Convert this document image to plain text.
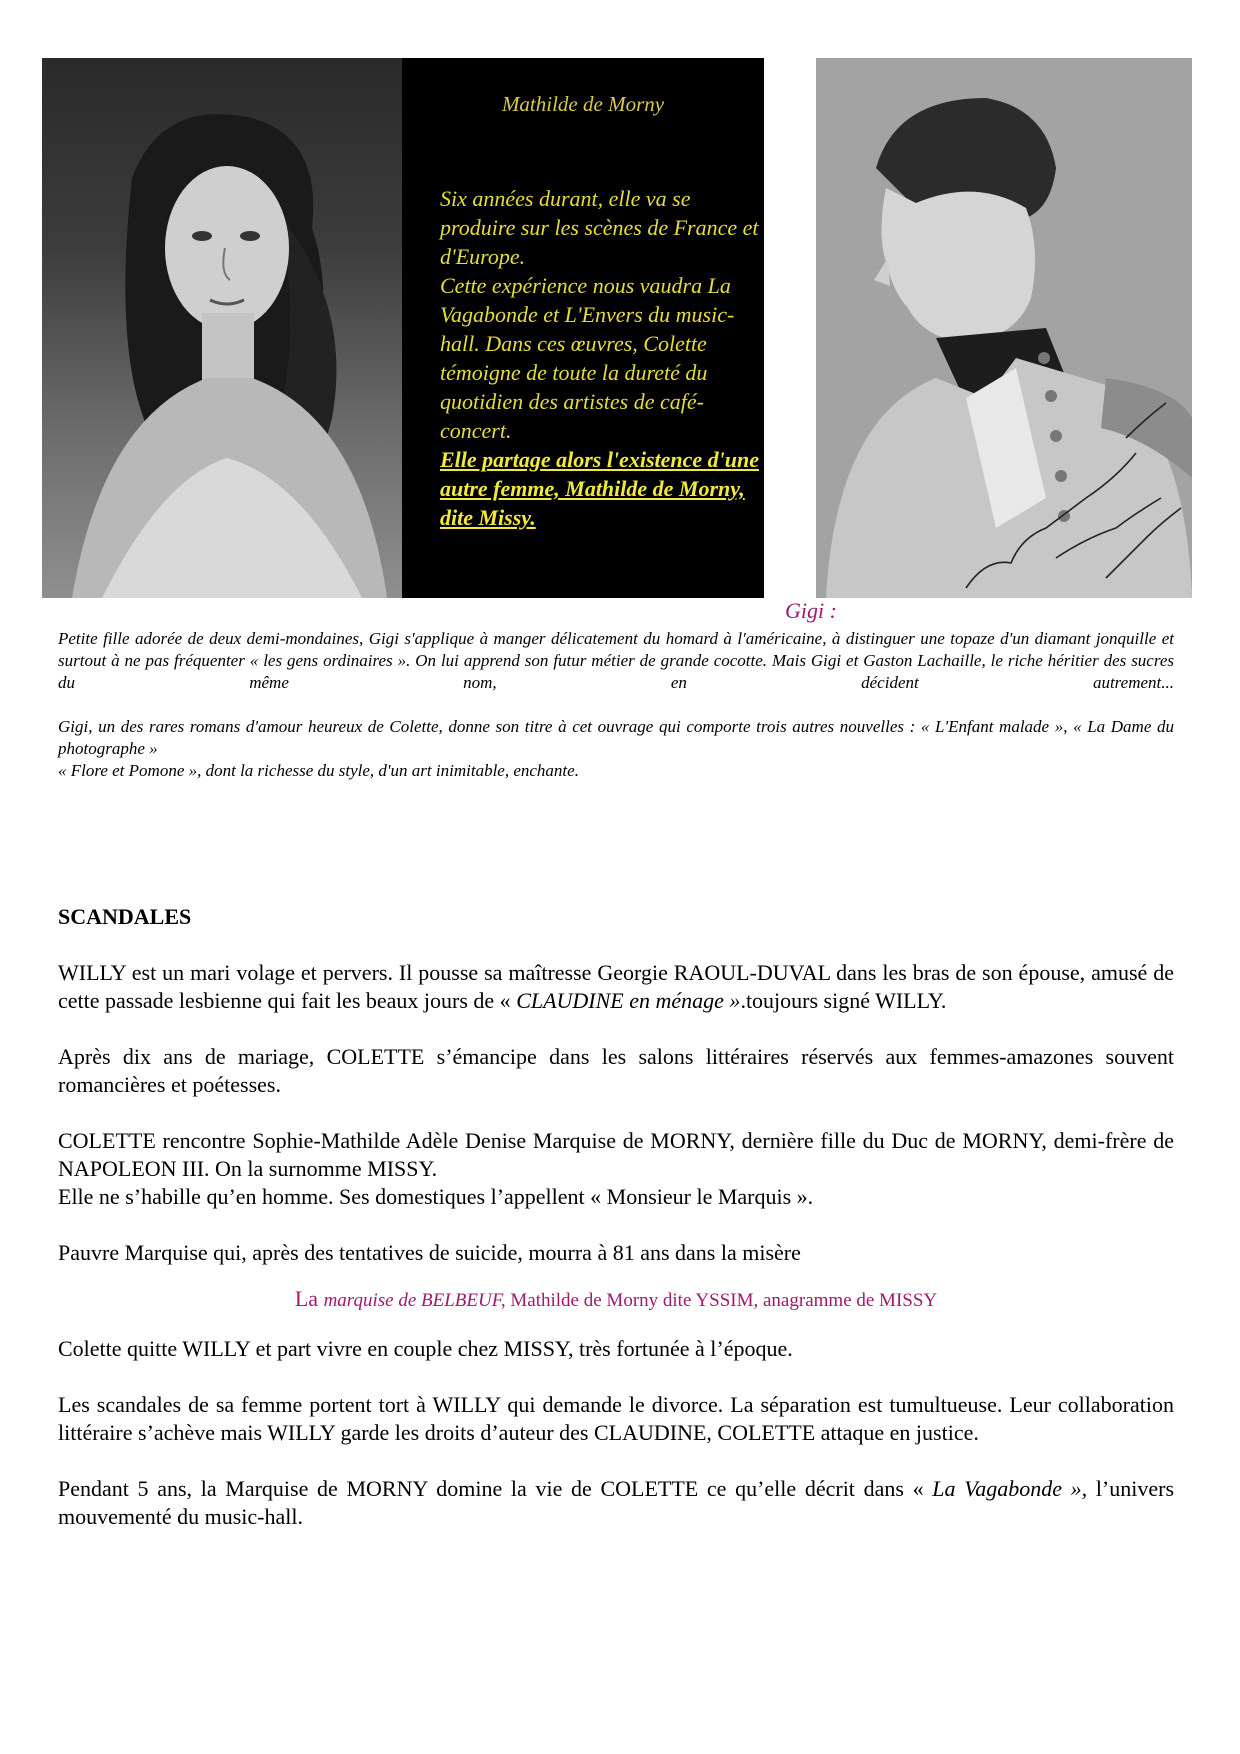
Mathilde de Morny

Six années durant, elle va se produire sur les scènes de France et d'Europe.

Cette expérience nous vaudra La Vagabonde et L'Envers du music-hall. Dans ces œuvres, Colette témoigne de toute la dureté du quotidien des artistes de café-concert.

Elle partage alors l'existence d'une autre femme, Mathilde de Morny, dite Missy.

Gigi :

Petite fille adorée de deux demi-mondaines, Gigi s'applique à manger délicatement du homard à l'américaine, à distinguer une topaze d'un diamant jonquille et surtout à ne pas fréquenter « les gens ordinaires ». On lui apprend son futur métier de grande cocotte. Mais Gigi et Gaston Lachaille, le riche héritier des sucres du même nom, en décident autrement...

Gigi, un des rares romans d'amour heureux de Colette, donne son titre à cet ouvrage qui comporte trois autres nouvelles : « L'Enfant malade », « La Dame du photographe »

« Flore et Pomone », dont la richesse du style, d'un art inimitable, enchante.

SCANDALES

WILLY est un mari volage et pervers. Il pousse sa maîtresse Georgie RAOUL-DUVAL dans les bras de son épouse, amusé de cette passade lesbienne qui fait les beaux jours de « CLAUDINE en ménage ».toujours signé WILLY.

Après dix ans de mariage, COLETTE s’émancipe dans les salons littéraires réservés aux femmes-amazones souvent romancières et poétesses.

COLETTE rencontre Sophie-Mathilde Adèle Denise Marquise de MORNY, dernière fille du Duc de MORNY, demi-frère de NAPOLEON III. On la surnomme MISSY.

Elle ne s’habille qu’en homme. Ses domestiques l’appellent « Monsieur le Marquis ».

Pauvre Marquise qui, après des tentatives de suicide, mourra à 81 ans dans la misère

La marquise de BELBEUF, Mathilde de Morny dite YSSIM, anagramme de MISSY

Colette quitte WILLY et part vivre en couple chez MISSY, très fortunée à l’époque.

Les scandales de sa femme portent tort à WILLY qui demande le divorce. La séparation est tumultueuse. Leur collaboration littéraire s’achève mais WILLY garde les droits d’auteur des CLAUDINE, COLETTE attaque en justice.

Pendant 5 ans, la Marquise de MORNY domine la vie de COLETTE ce qu’elle décrit dans « La Vagabonde », l’univers mouvementé du music-hall.
